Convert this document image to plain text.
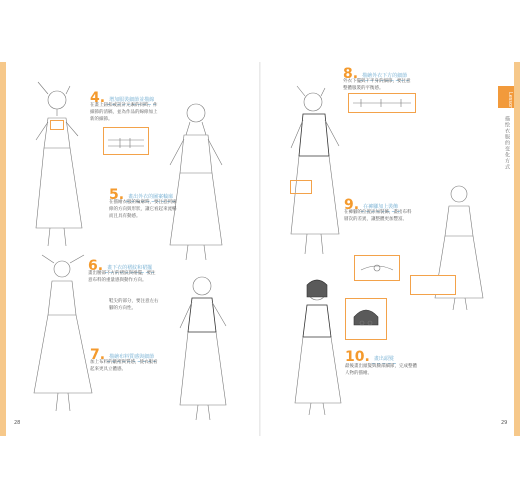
Lesson
描绘衣服的变化方式
28	29
4. 增加服裝細節並描線
在畫上鈕扣或設計元素的同時，作細節的清稿，並為作品的線條加上新的細節。
5. 畫出外衣的圖案輪廓
在描繪衣服的輪廓時，要注意到線條的方向與形狀，讓它看起來流暢而且具有動感。
6. 畫下衣的褶紋和裙擺
畫出腰部下方的褶紋與裙擺，要注意布料的重量感與動作方向。
鞋尖的部分，要注意左右腳的方向性。
7. 描繪布料質感與細節
加上布料的皺褶與質感，使衣服看起來更具立體感。
8. 描繪外衣下方的細節
外衣下擺與下半身的細節，要注意整體服裝的平衡感。
9. 在褲腳加上裝飾
在褲腳的位置添加裝飾，畫出布料層次的差異，讓整體更加豐富。
10. 畫出頭髮
最後畫出頭髮與臉部細節，完成整體人物的描繪。
